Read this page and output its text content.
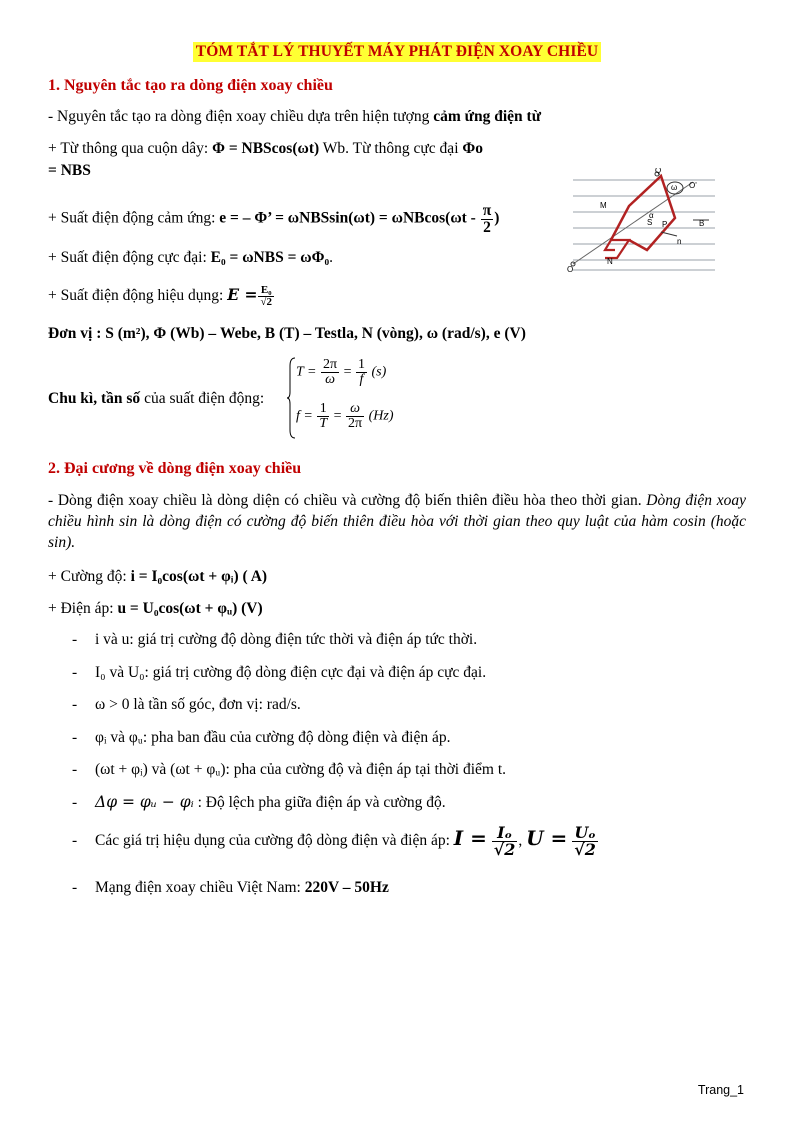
TÓM TẮT LÝ THUYẾT MÁY PHÁT ĐIỆN XOAY CHIỀU
1. Nguyên tắc tạo ra dòng điện xoay chiều
- Nguyên tắc tạo ra dòng điện xoay chiều dựa trên hiện tượng cảm ứng điện từ
+ Từ thông qua cuộn dây: Φ = NBScos(ωt) Wb. Từ thông cực đại Φo
= NBS
+ Suất điện động cảm ứng: e = – Φ’ = $\omega NBSsin(\omega t) = \omega NBcos(\omega t - \frac{\pi}{2}$ )
+ Suất điện động cực đại: E₀ = ωNBS = ωΦ₀.
+ Suất điện động hiệu dụng: $E = \frac{\text{E₀}}{√2}$
Đơn vị : S (m²), Φ (Wb) – Webe, B (T) – Testla, N (vòng), ω (rad/s), e (V)
Chu kì, tần số của suất điện động:
$T = \frac{2\pi}{\omega} = \frac{1}{f} (s)$
$f = \frac{1}{T} = \frac{\omega}{2\pi} (Hz)$
Q
ω O'
M
S
α
P	B
n
N
O
2. Đại cương về dòng điện xoay chiều
- Dòng điện xoay chiều là dòng diện có chiều và cường độ biến thiên điều hòa theo thời gian. Dòng điện xoay chiều hình sin là dòng điện có cường độ biến thiên điều hòa với thời gian theo quy luật của hàm cosin (hoặc sin).
+ Cường độ: i = I₀cos(ωt + φᵢ) ( A)
+ Điện áp: u = U₀cos(ωt + φᵤ) (V)
- i và u: giá trị cường độ dòng điện tức thời và điện áp tức thời.
- I₀ và U₀: giá trị cường độ dòng điện cực đại và điện áp cực đại.
- ω > 0 là tần số góc, đơn vị: rad/s.
- φᵢ và φᵤ: pha ban đầu của cường độ dòng điện và điện áp.
- (ωt + φᵢ) và (ωt + φᵤ): pha của cường độ và điện áp tại thời điểm t.
- Δφ = φᵤ − φᵢ : Độ lệch pha giữa điện áp và cường độ.
- Các giá trị hiệu dụng của cường độ dòng điện và điện áp: $I = \frac{\text{Iₒ}}{√2}$ , $U = \frac{\text{Uₒ}}{√2}$
- Mạng điện xoay chiều Việt Nam: 220V – 50Hz
Trang_1
